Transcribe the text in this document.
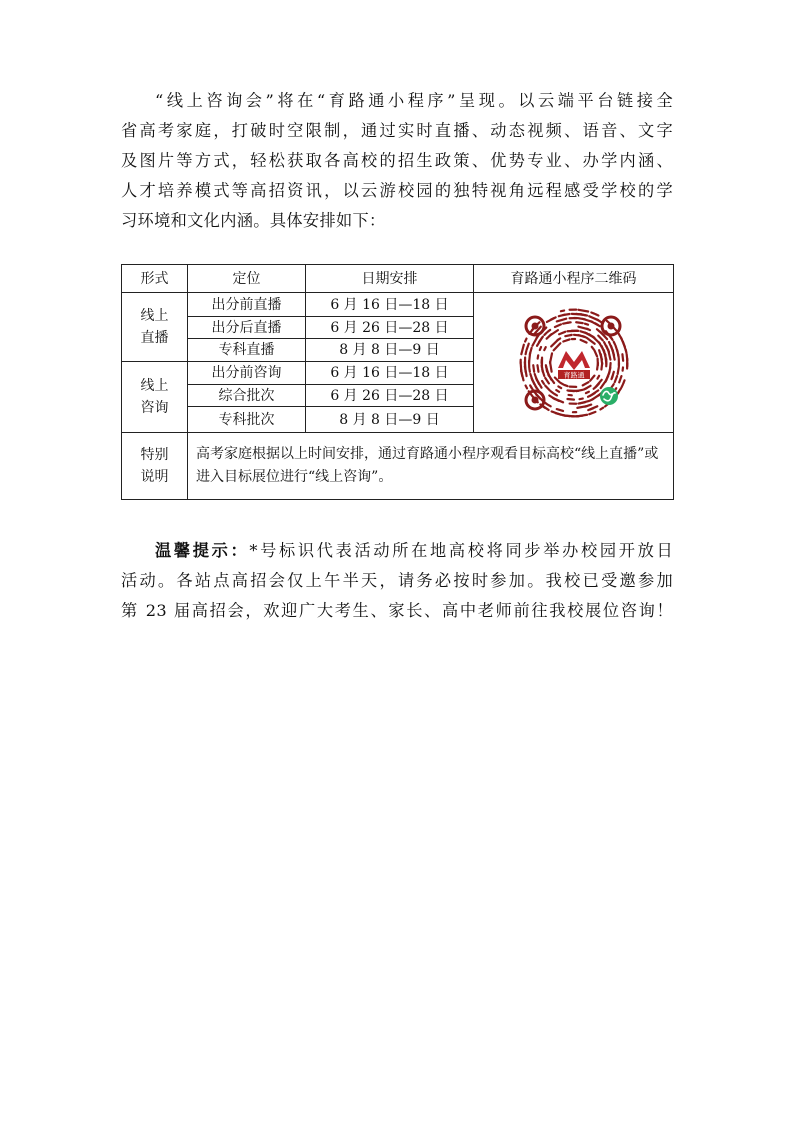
“线上咨询会”将在“育路通小程序”呈现。以云端平台链接全
省高考家庭，打破时空限制，通过实时直播、动态视频、语音、文字
及图片等方式，轻松获取各高校的招生政策、优势专业、办学内涵、
人才培养模式等高招资讯，以云游校园的独特视角远程感受学校的学
习环境和文化内涵。具体安排如下：
形式	定位	日期安排	育路通小程序二维码

线上直播	出分前直播	6 月 16 日—18 日	育路通

	出分后直播	6 月 26 日—28 日	
	专科直播	8 月 8 日—9 日	

线上咨询	出分前咨询	6 月 16 日—18 日	
	综合批次	6 月 26 日—28 日	
	专科批次	8 月 8 日—9 日	

特别说明	高考家庭根据以上时间安排，通过育路通小程序观看目标高校“线上直播”或进入目标展位进行“线上咨询”。		
温馨提示：*号标识代表活动所在地高校将同步举办校园开放日
活动。各站点高招会仅上午半天，请务必按时参加。我校已受邀参加
第 23 届高招会，欢迎广大考生、家长、高中老师前往我校展位咨询！
